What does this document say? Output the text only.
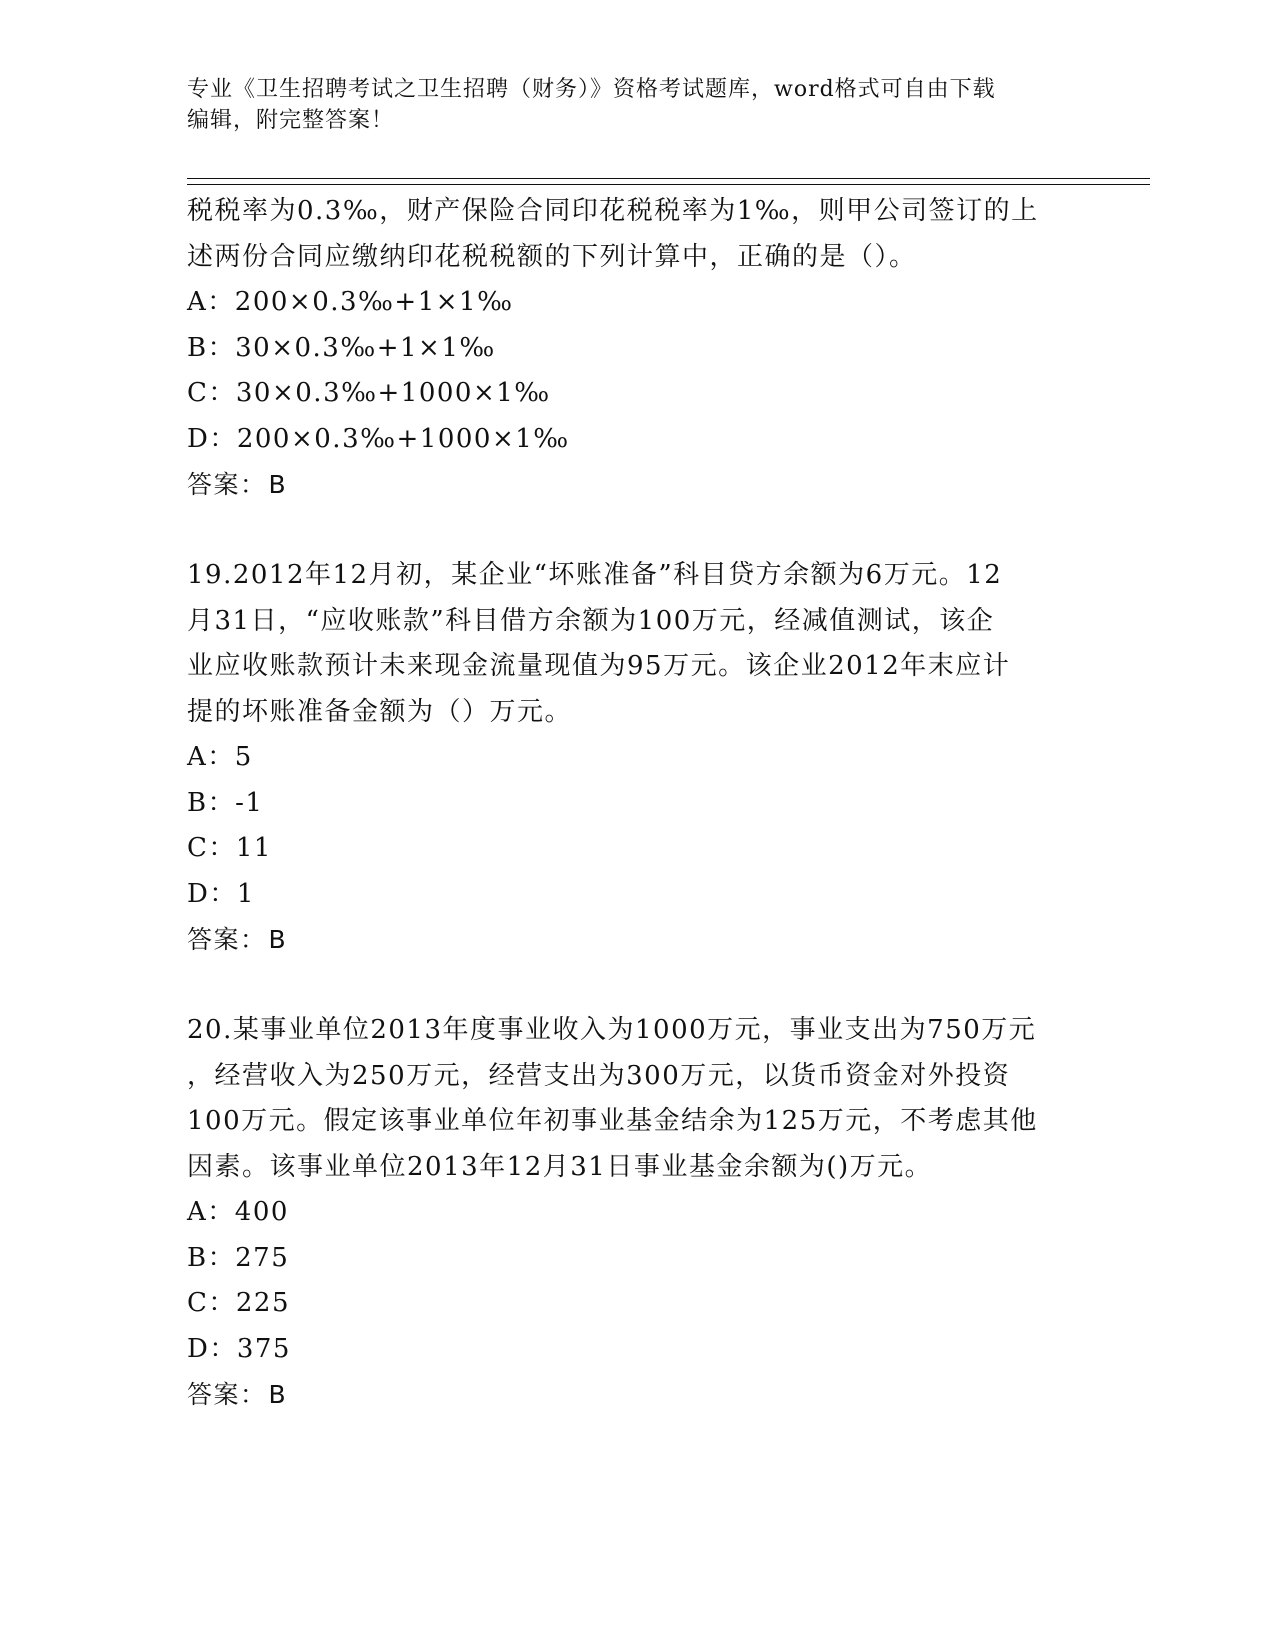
专业《卫生招聘考试之卫生招聘（财务）》资格考试题库，word格式可自由下载
编辑，附完整答案！

税税率为0.3‰，财产保险合同印花税税率为1‰，则甲公司签订的上

述两份合同应缴纳印花税税额的下列计算中，正确的是（）。

A：200×0.3‰+1×1‰

B：30×0.3‰+1×1‰

C：30×0.3‰+1000×1‰

D：200×0.3‰+1000×1‰

答案：B

19.2012年12月初，某企业“坏账准备”科目贷方余额为6万元。12

月31日，“应收账款”科目借方余额为100万元，经减值测试，该企

业应收账款预计未来现金流量现值为95万元。该企业2012年末应计

提的坏账准备金额为（）万元。

A：5

B：-1

C：11

D：1

答案：B

20.某事业单位2013年度事业收入为1000万元，事业支出为750万元

，经营收入为250万元，经营支出为300万元，以货币资金对外投资

100万元。假定该事业单位年初事业基金结余为125万元，不考虑其他

因素。该事业单位2013年12月31日事业基金余额为()万元。

A：400

B：275

C：225

D：375

答案：B
